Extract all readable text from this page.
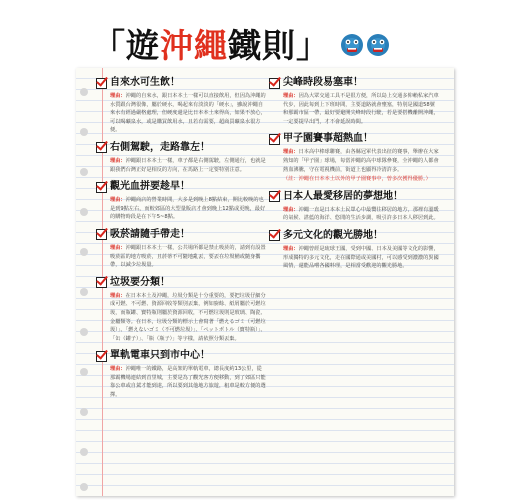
「遊沖繩鐵則」
自來水可生飲！
理由：沖繩的自來水，跟日本本土一樣可以直接飲用，但因為沖繩的水質跟台灣很像，屬於硬水，喝起來有淡淡的「硬水」，雖說沖繩自來水有經過嚴格處理，但硬度還是比日本本土來得高，如果不放心，可以喝礦泉水，或是購買飲用水，且若有需要，超商買礦泉水很方便。
右側駕駛，走路靠左！
理由：沖繩跟日本本土一樣，車子都是右側駕駛，左側通行，也就是跟我們台灣正好是相反的方向，在馬路上一定要特別注意。
觀光血拼要趁早！
理由：沖繩商店的營業時間，大多是到晚上8點結束，開比較晚的也是到9點左右，而較郊區的大型量販店才會到晚上12點或更晚，最好的購物時段是在下午5~8點。
吸菸請隨手帶走！
理由：沖繩跟日本本土一樣，公共場所都是禁止吸菸的，請到有設置吸菸區的地方吸菸，且菸蒂不可隨地亂丟，要丟在垃圾桶或隨身攜帶，以減少垃圾量。
垃圾要分類！
理由：在日本本土及沖繩，垃圾分類是十分重要的，要把垃圾仔細分成可燃、不可燃、資源回收等類別丟棄，例如廚餘、紙屑屬於可燃垃圾，而瓶罐、寶特瓶則屬於資源回收，不可燃垃圾則是玻璃、陶瓷、金屬類等。在日本，垃圾分類的標示上會寫著「燃えるゴミ（可燃垃圾）」、「燃えないゴミ（不可燃垃圾）」、「ペットボトル（寶特瓶）」、「缶（罐子）」、「瓶（瓶子）」等字樣，請依照分類丟棄。
單軌電車只到市中心！
理由：沖繩唯一的鐵路，是高架的單軌電車，總長度約13公里，從那霸機場連結到首里城，主要是為了觀光客方便移動，到了郊區只能靠公車或自駕才能到達，所以要到其他地方旅遊，租車是較方便的選擇。
尖峰時段易塞車！
理由：因為大眾交通工具不是很方便，所以島上交通多仰賴私家汽車代步，因此每到上下班時間，主要道路就會壅塞，特別是國道58號和那霸市區一帶，最好要避開尖峰時段行駛，若是要搭機離開沖繩，一定要提早出門，才不會延誤時間。
甲子園賽事超熱血！
理由：日本高中棒球聯賽，由各縣冠軍代表出征的賽事，舉辦在大家熟知的「甲子園」球場，每當沖繩的高中球隊參賽，全沖繩的人都會熱血沸騰，守在電視機前，街道上也顯得冷清許多。
（註：沖繩在日本本土以外的甲子園賽事中，曾多次獲得優勝。）
日本人最愛移居的夢想地！
理由：沖繩一直是日本本土民眾心中最嚮往移居的地方，那裡有溫暖的氣候、湛藍的海洋、悠閒的生活步調，吸引許多日本人移居到此。
多元文化的觀光勝地！
理由：沖繩曾經是琉球王國，受到中國、日本及美國等文化的影響，形成獨特的多元文化，走在國際通或美國村，可以感受到濃濃的異國風情，還能品嚐各國料理，是相當受歡迎的觀光勝地。
